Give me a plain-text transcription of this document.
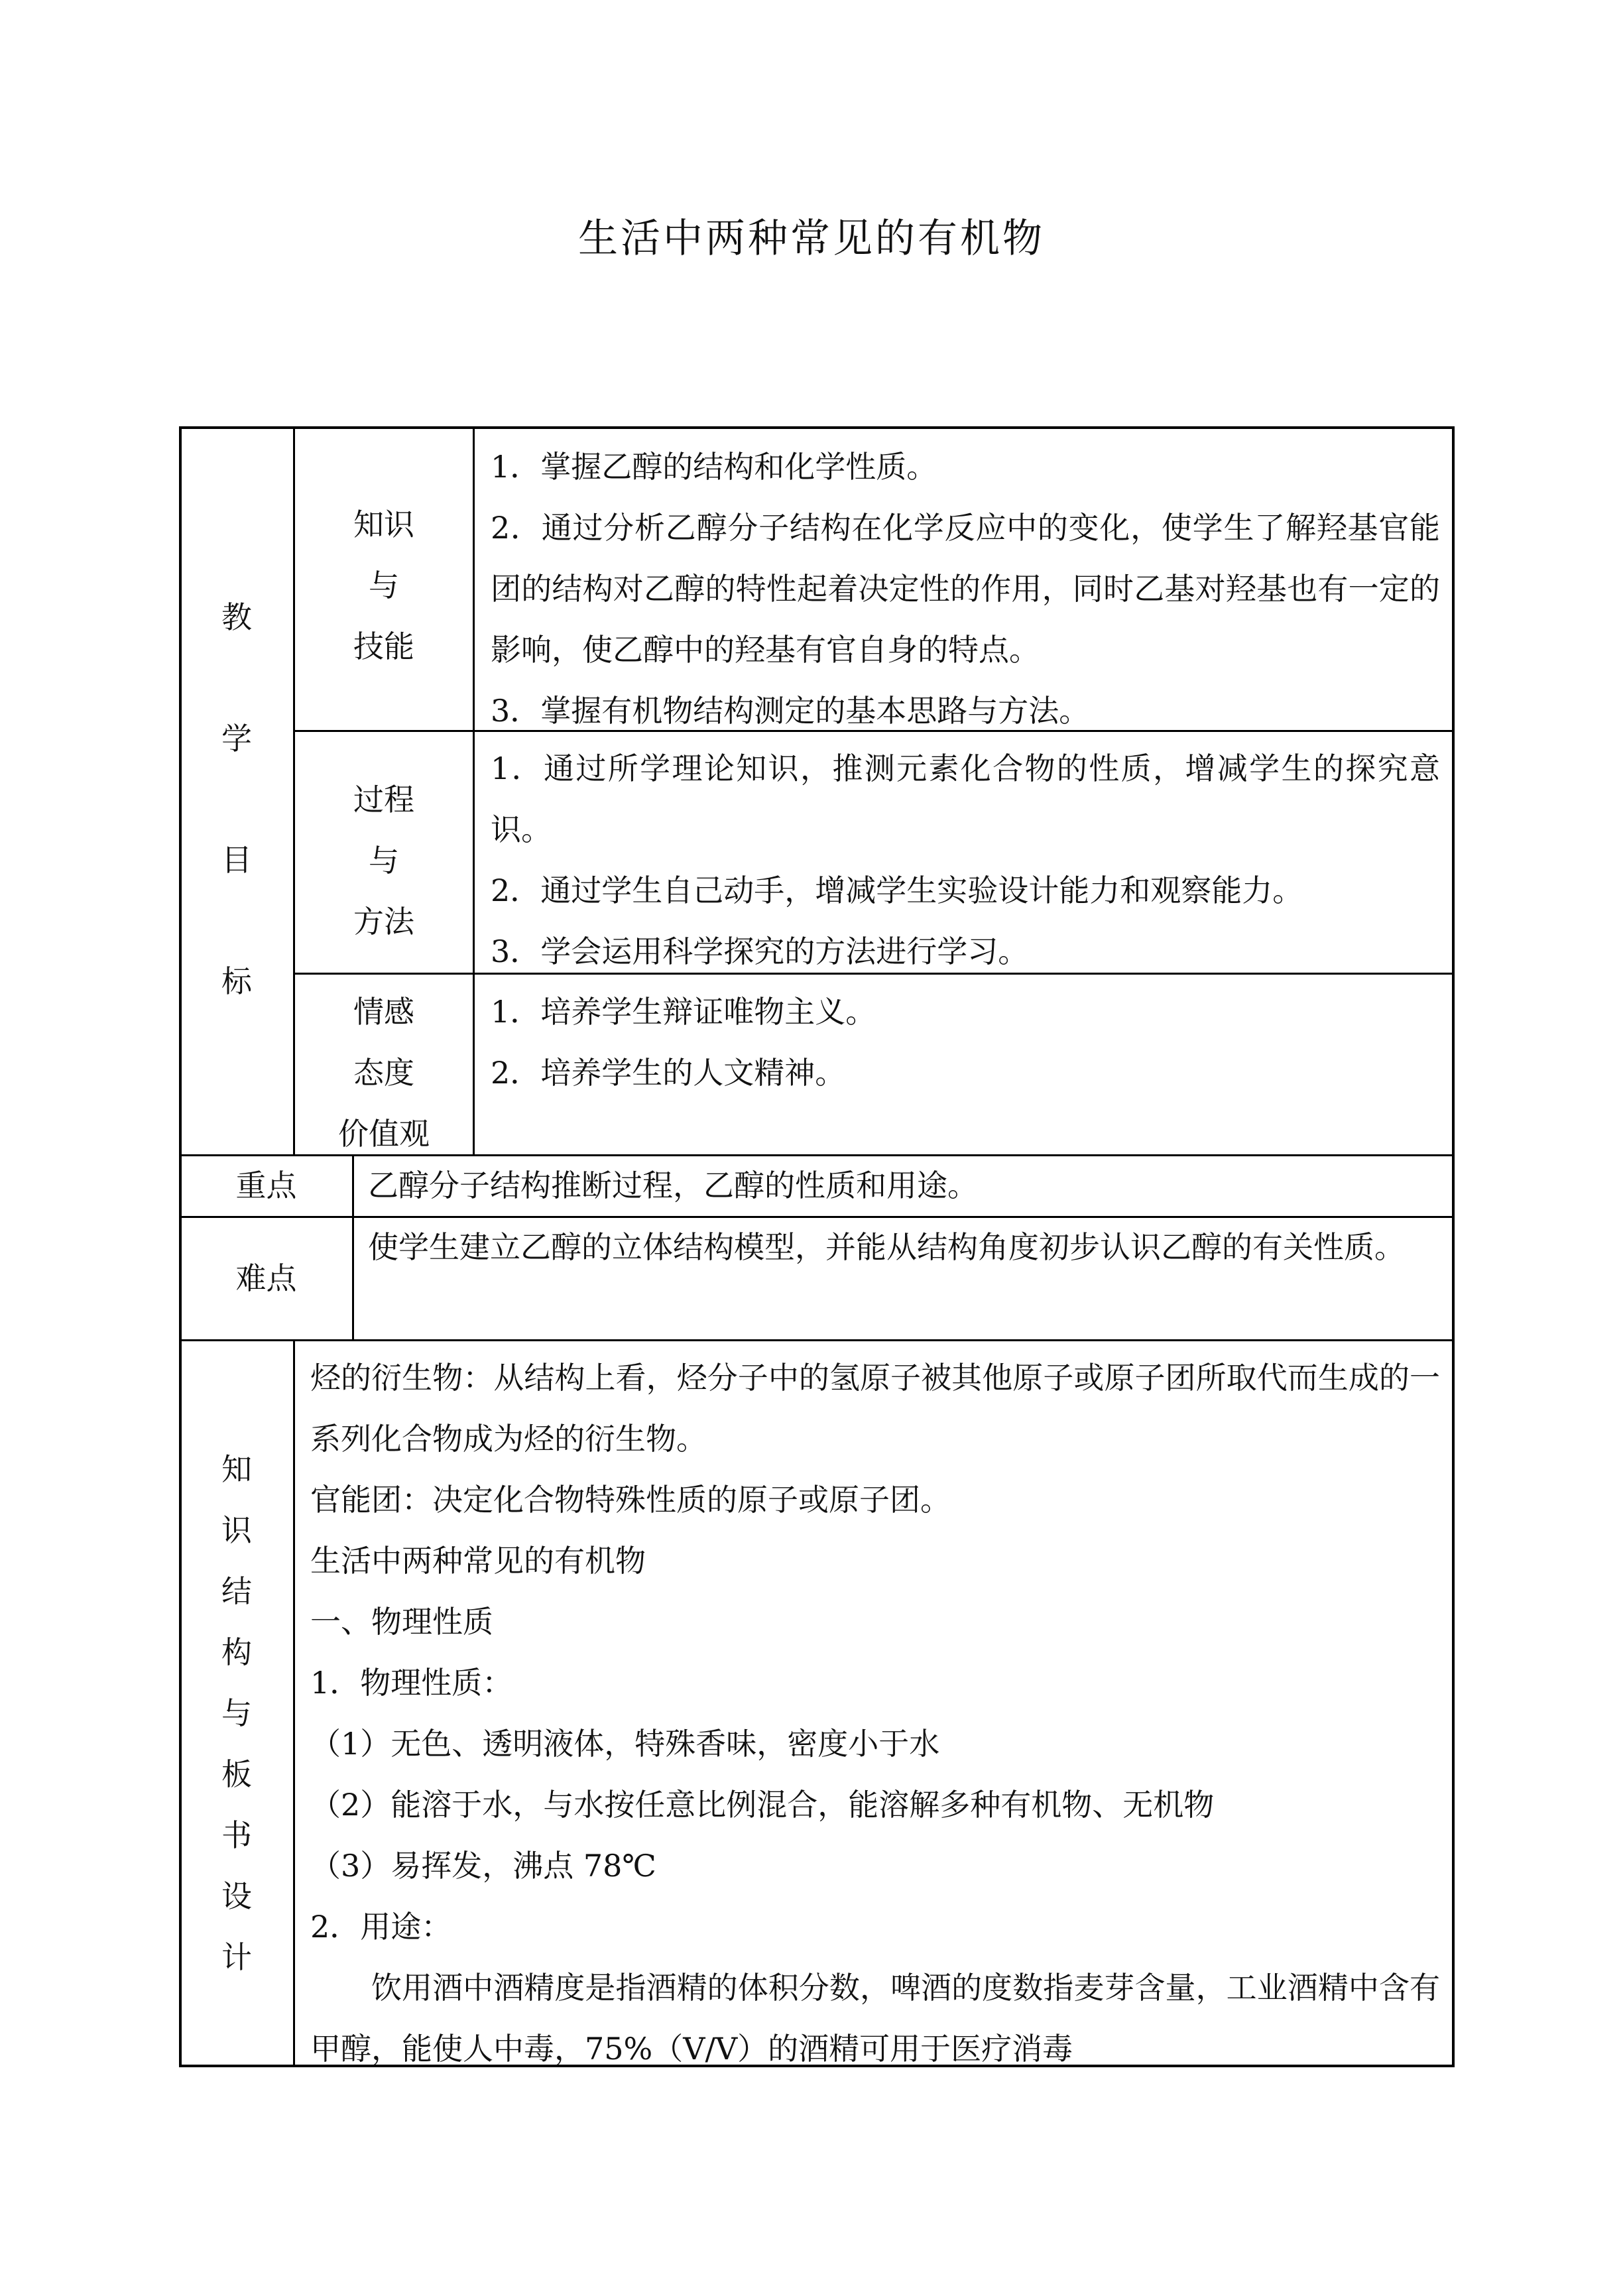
生活中两种常见的有机物
教
学
目
标
知识
与
技能

1．掌握乙醇的结构和化学性质。

2．通过分析乙醇分子结构在化学反应中的变化，使学生了解羟基官能团的结构对乙醇的特性起着决定性的作用，同时乙基对羟基也有一定的影响，使乙醇中的羟基有官自身的特点。

3．掌握有机物结构测定的基本思路与方法。

过程
与
方法

1．通过所学理论知识，推测元素化合物的性质，增减学生的探究意识。

2．通过学生自己动手，增减学生实验设计能力和观察能力。

3．学会运用科学探究的方法进行学习。

情感
态度
价值观

1．培养学生辩证唯物主义。

2．培养学生的人文精神。

重点	乙醇分子结构推断过程，乙醇的性质和用途。
难点
使学生建立乙醇的立体结构模型，并能从结构角度初步认识乙醇的有关性质。
知
识
结
构
与
板
书
设
计

烃的衍生物：从结构上看，烃分子中的氢原子被其他原子或原子团所取代而生成的一系列化合物成为烃的衍生物。

官能团：决定化合物特殊性质的原子或原子团。

生活中两种常见的有机物

一、物理性质

1．物理性质：

（1）无色、透明液体，特殊香味，密度小于水

（2）能溶于水，与水按任意比例混合，能溶解多种有机物、无机物

（3）易挥发，沸点 78℃

2．用途：

饮用酒中酒精度是指酒精的体积分数，啤酒的度数指麦芽含量，工业酒精中含有甲醇，能使人中毒，75%（V/V）的酒精可用于医疗消毒
